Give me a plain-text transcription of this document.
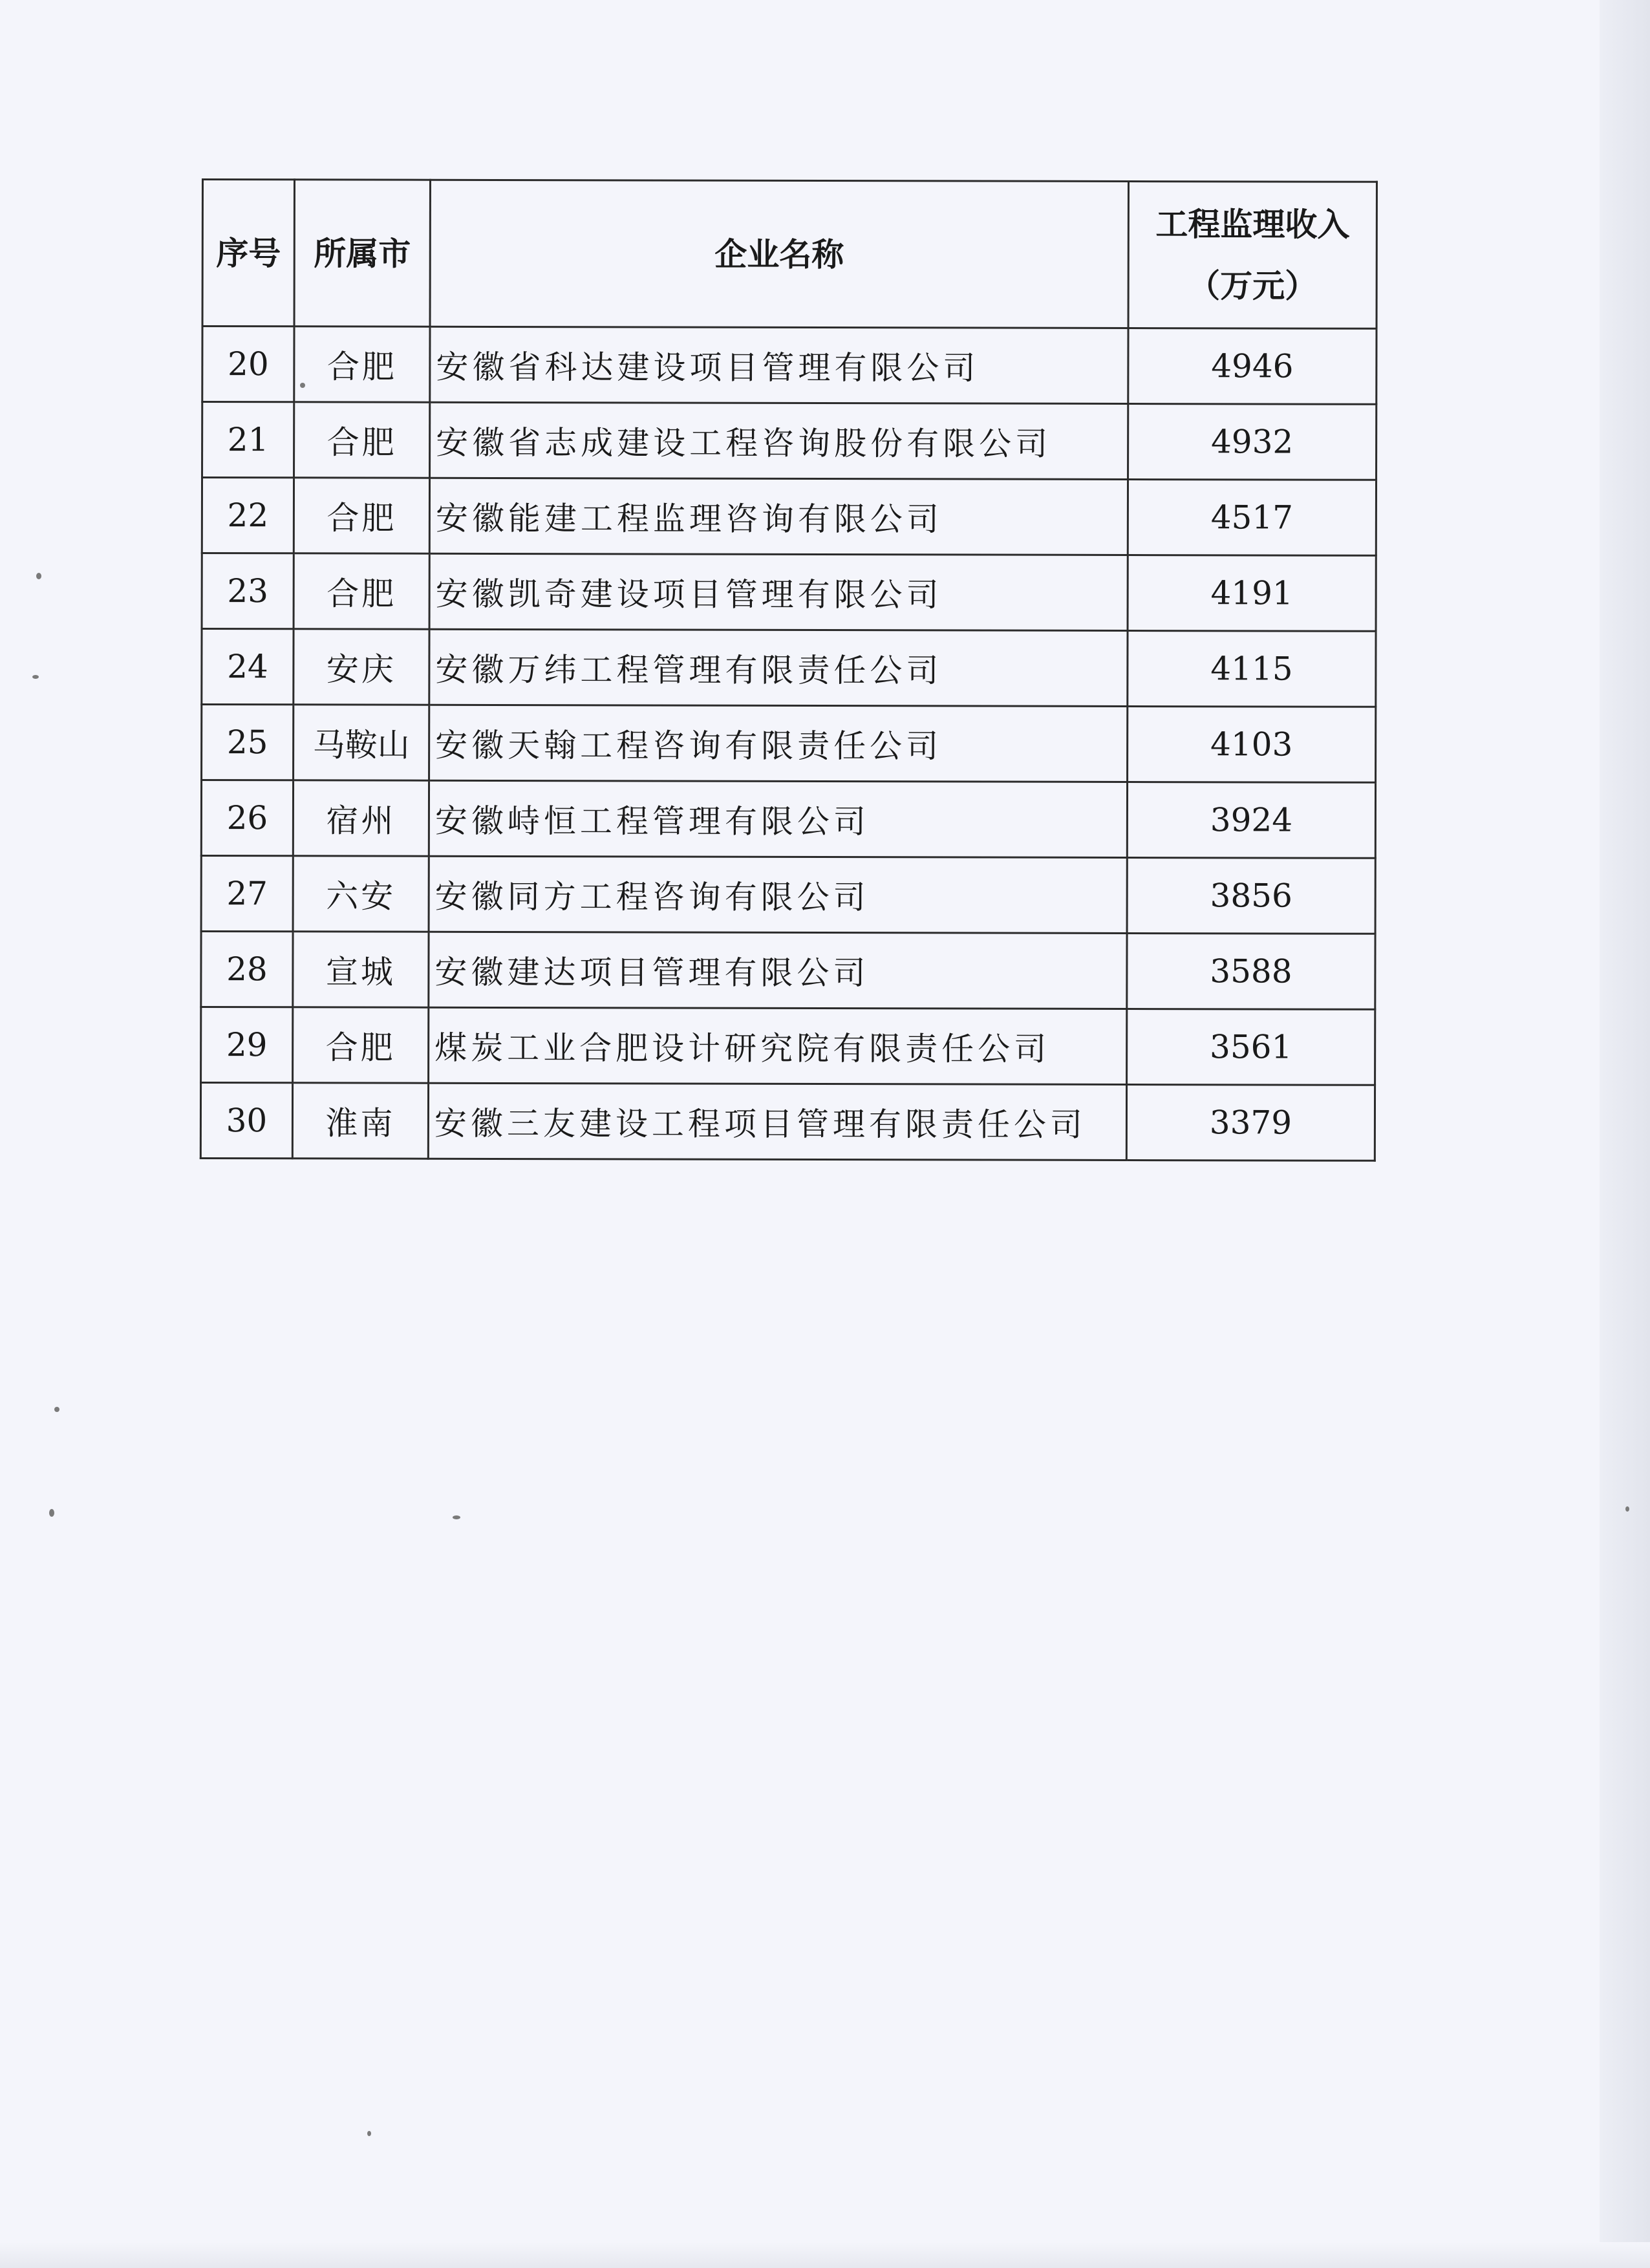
序号	所属市	企业名称	工程监理收入
（万元）

20	合肥	安徽省科达建设项目管理有限公司	4946
21	合肥	安徽省志成建设工程咨询股份有限公司	4932
22	合肥	安徽能建工程监理咨询有限公司	4517
23	合肥	安徽凯奇建设项目管理有限公司	4191
24	安庆	安徽万纬工程管理有限责任公司	4115
25	马鞍山	安徽天翰工程咨询有限责任公司	4103
26	宿州	安徽峙恒工程管理有限公司	3924
27	六安	安徽同方工程咨询有限公司	3856
28	宣城	安徽建达项目管理有限公司	3588
29	合肥	煤炭工业合肥设计研究院有限责任公司	3561
30	淮南	安徽三友建设工程项目管理有限责任公司	3379
